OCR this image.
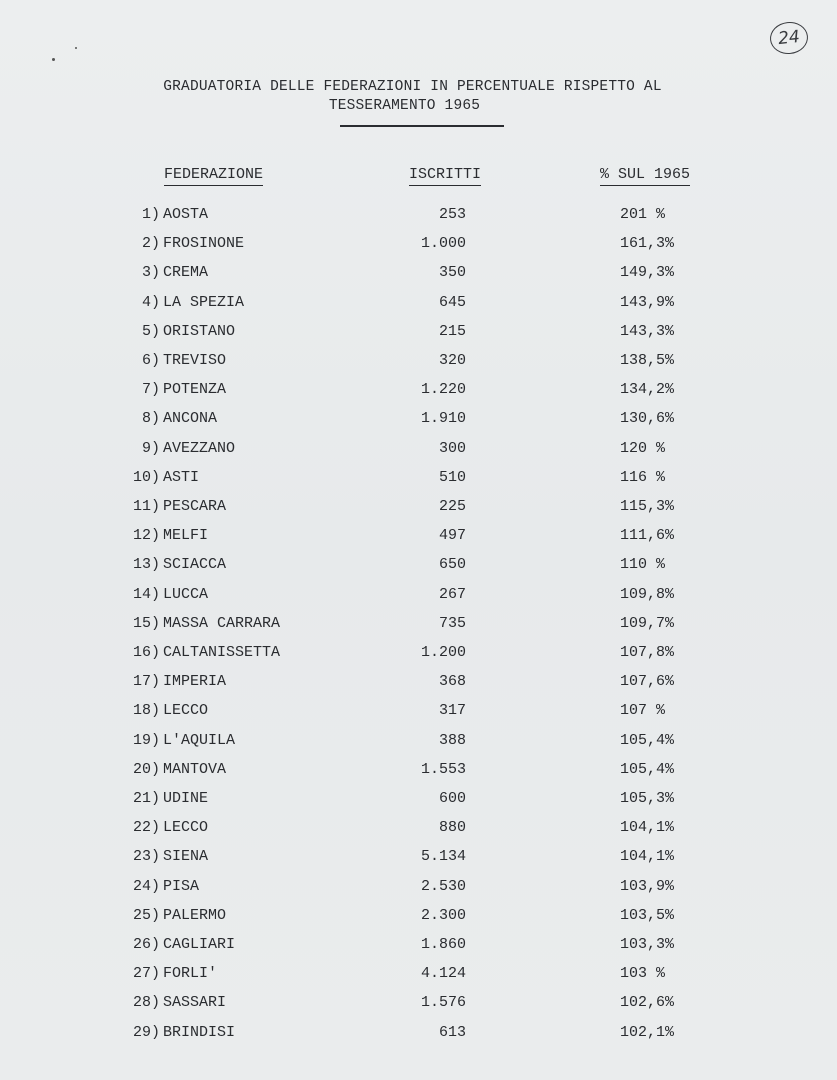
24
GRADUATORIA DELLE FEDERAZIONI IN PERCENTUALE RISPETTO AL
TESSERAMENTO 1965
FEDERAZIONE	ISCRITTI	% SUL 1965
1) AOSTA	253	201 %
2) FROSINONE	1.000	161,3%
3) CREMA	350	149,3%
4) LA SPEZIA	645	143,9%
5) ORISTANO	215	143,3%
6) TREVISO	320	138,5%
7) POTENZA	1.220	134,2%
8) ANCONA	1.910	130,6%
9) AVEZZANO	300	120 %
10) ASTI	510	116 %
11) PESCARA	225	115,3%
12) MELFI	497	111,6%
13) SCIACCA	650	110 %
14) LUCCA	267	109,8%
15) MASSA CARRARA	735	109,7%
16) CALTANISSETTA	1.200	107,8%
17) IMPERIA	368	107,6%
18) LECCO	317	107 %
19) L'AQUILA	388	105,4%
20) MANTOVA	1.553	105,4%
21) UDINE	600	105,3%
22) LECCO	880	104,1%
23) SIENA	5.134	104,1%
24) PISA	2.530	103,9%
25) PALERMO	2.300	103,5%
26) CAGLIARI	1.860	103,3%
27) FORLI'	4.124	103 %
28) SASSARI	1.576	102,6%
29) BRINDISI	613	102,1%
